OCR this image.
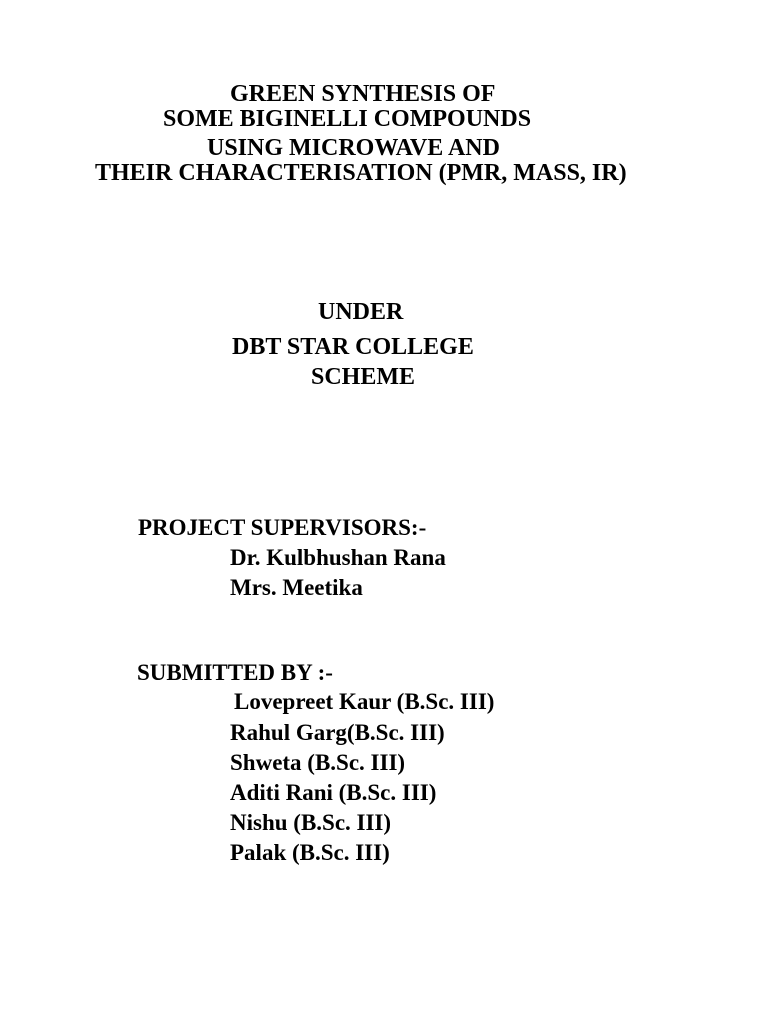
GREEN SYNTHESIS OF
SOME BIGINELLI COMPOUNDS
USING MICROWAVE AND
THEIR CHARACTERISATION (PMR, MASS, IR)
UNDER
DBT STAR COLLEGE
SCHEME
PROJECT SUPERVISORS:-
Dr. Kulbhushan Rana
Mrs. Meetika
SUBMITTED BY :-
Lovepreet Kaur (B.Sc. III)
Rahul Garg(B.Sc. III)
Shweta (B.Sc. III)
Aditi Rani (B.Sc. III)
Nishu (B.Sc. III)
Palak (B.Sc. III)
